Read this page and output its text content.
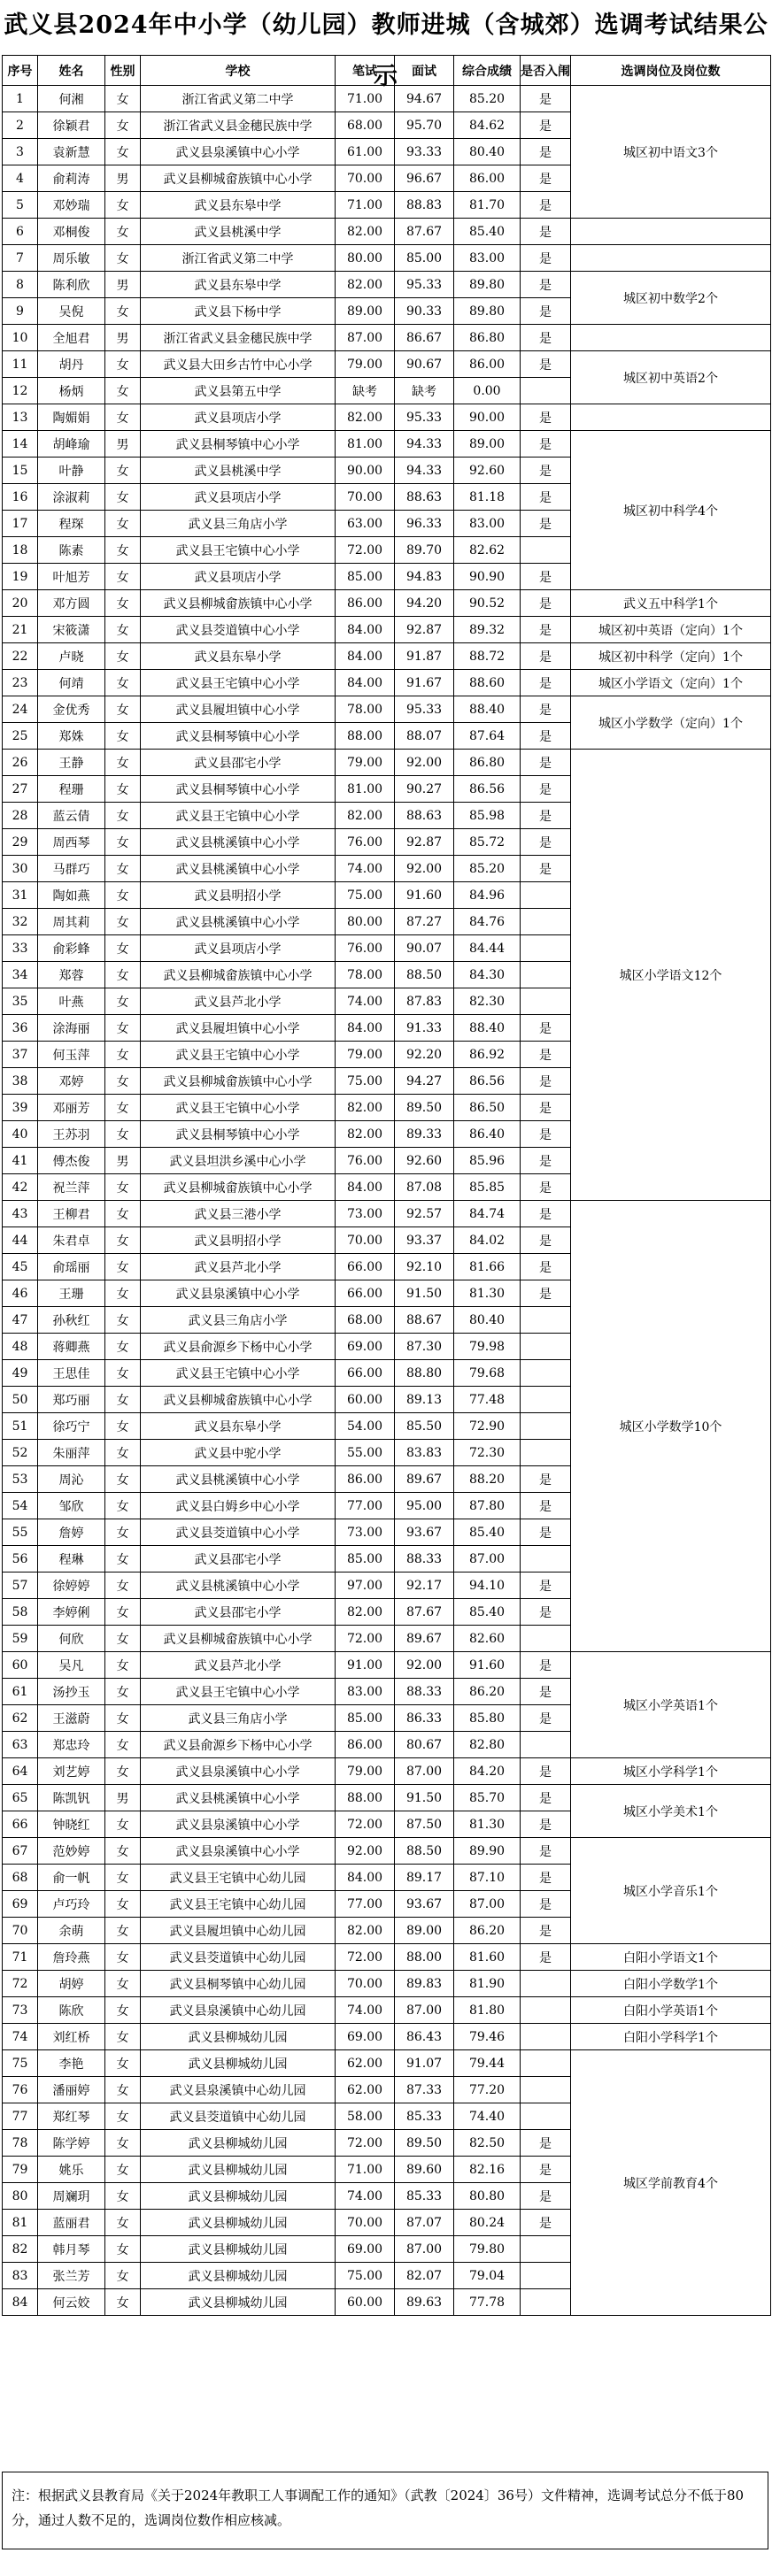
武义县2024年中小学（幼儿园）教师进城（含城郊）选调考试结果公示
序号	姓名	性别	学校	笔试	面试	综合成绩	是否入闱	选调岗位及岗位数
1	何湘	女	浙江省武义第二中学	71.00	94.67	85.20	是	城区初中语文3个
2	徐颖君	女	浙江省武义县金穗民族中学	68.00	95.70	84.62	是	
3	袁新慧	女	武义县泉溪镇中心小学	61.00	93.33	80.40	是	
4	俞莉涛	男	武义县柳城畲族镇中心小学	70.00	96.67	86.00	是	
5	邓妙瑞	女	武义县东皋中学	71.00	88.83	81.70	是	
6	邓桐俊	女	武义县桃溪中学	82.00	87.67	85.40	是	
7	周乐敏	女	浙江省武义第二中学	80.00	85.00	83.00	是	
8	陈利欣	男	武义县东皋中学	82.00	95.33	89.80	是	城区初中数学2个
9	吴倪	女	武义县下杨中学	89.00	90.33	89.80	是	
10	全旭君	男	浙江省武义县金穗民族中学	87.00	86.67	86.80	是	
11	胡丹	女	武义县大田乡古竹中心小学	79.00	90.67	86.00	是	城区初中英语2个
12	杨炳	女	武义县第五中学	缺考	缺考	0.00		
13	陶媚娟	女	武义县项店小学	82.00	95.33	90.00	是	
14	胡峰瑜	男	武义县桐琴镇中心小学	81.00	94.33	89.00	是	城区初中科学4个
15	叶静	女	武义县桃溪中学	90.00	94.33	92.60	是	
16	涂淑莉	女	武义县项店小学	70.00	88.63	81.18	是	
17	程琛	女	武义县三角店小学	63.00	96.33	83.00	是	
18	陈素	女	武义县王宅镇中心小学	72.00	89.70	82.62		
19	叶旭芳	女	武义县项店小学	85.00	94.83	90.90	是	
20	邓方圆	女	武义县柳城畲族镇中心小学	86.00	94.20	90.52	是	武义五中科学1个
21	宋筱潇	女	武义县茭道镇中心小学	84.00	92.87	89.32	是	城区初中英语（定向）1个
22	卢晓	女	武义县东皋小学	84.00	91.87	88.72	是	城区初中科学（定向）1个
23	何靖	女	武义县王宅镇中心小学	84.00	91.67	88.60	是	城区小学语文（定向）1个
24	金优秀	女	武义县履坦镇中心小学	78.00	95.33	88.40	是	城区小学数学（定向）1个
25	郑姝	女	武义县桐琴镇中心小学	88.00	88.07	87.64	是	
26	王静	女	武义县邵宅小学	79.00	92.00	86.80	是	城区小学语文12个
27	程珊	女	武义县桐琴镇中心小学	81.00	90.27	86.56	是	
28	蓝云倩	女	武义县王宅镇中心小学	82.00	88.63	85.98	是	
29	周西琴	女	武义县桃溪镇中心小学	76.00	92.87	85.72	是	
30	马群巧	女	武义县桃溪镇中心小学	74.00	92.00	85.20	是	
31	陶如燕	女	武义县明招小学	75.00	91.60	84.96		
32	周其莉	女	武义县桃溪镇中心小学	80.00	87.27	84.76		
33	俞彩蜂	女	武义县项店小学	76.00	90.07	84.44		
34	郑蓉	女	武义县柳城畲族镇中心小学	78.00	88.50	84.30		
35	叶燕	女	武义县芦北小学	74.00	87.83	82.30		
36	涂海丽	女	武义县履坦镇中心小学	84.00	91.33	88.40	是	
37	何玉萍	女	武义县王宅镇中心小学	79.00	92.20	86.92	是	
38	邓婷	女	武义县柳城畲族镇中心小学	75.00	94.27	86.56	是	
39	邓丽芳	女	武义县王宅镇中心小学	82.00	89.50	86.50	是	
40	王苏羽	女	武义县桐琴镇中心小学	82.00	89.33	86.40	是	
41	傅杰俊	男	武义县坦洪乡溪中心小学	76.00	92.60	85.96	是	
42	祝兰萍	女	武义县柳城畲族镇中心小学	84.00	87.08	85.85	是	
43	王柳君	女	武义县三港小学	73.00	92.57	84.74	是	城区小学数学10个
44	朱君卓	女	武义县明招小学	70.00	93.37	84.02	是	
45	俞瑶丽	女	武义县芦北小学	66.00	92.10	81.66	是	
46	王珊	女	武义县泉溪镇中心小学	66.00	91.50	81.30	是	
47	孙秋红	女	武义县三角店小学	68.00	88.67	80.40		
48	蒋卿燕	女	武义县俞源乡下杨中心小学	69.00	87.30	79.98		
49	王思佳	女	武义县王宅镇中心小学	66.00	88.80	79.68		
50	郑巧丽	女	武义县柳城畲族镇中心小学	60.00	89.13	77.48		
51	徐巧宁	女	武义县东皋小学	54.00	85.50	72.90		
52	朱丽萍	女	武义县中驼小学	55.00	83.83	72.30		
53	周沁	女	武义县桃溪镇中心小学	86.00	89.67	88.20	是	
54	邹欣	女	武义县白姆乡中心小学	77.00	95.00	87.80	是	
55	詹婷	女	武义县茭道镇中心小学	73.00	93.67	85.40	是	
56	程琳	女	武义县邵宅小学	85.00	88.33	87.00		
57	徐婷婷	女	武义县桃溪镇中心小学	97.00	92.17	94.10	是	
58	李婷俐	女	武义县邵宅小学	82.00	87.67	85.40	是	
59	何欣	女	武义县柳城畲族镇中心小学	72.00	89.67	82.60		
60	吴凡	女	武义县芦北小学	91.00	92.00	91.60	是	城区小学英语1个
61	汤抄玉	女	武义县王宅镇中心小学	83.00	88.33	86.20	是	
62	王滋蔚	女	武义县三角店小学	85.00	86.33	85.80	是	
63	郑忠玲	女	武义县俞源乡下杨中心小学	86.00	80.67	82.80		
64	刘艺婷	女	武义县泉溪镇中心小学	79.00	87.00	84.20	是	城区小学科学1个
65	陈凯钒	男	武义县桃溪镇中心小学	88.00	91.50	85.70	是	城区小学美术1个
66	钟晓红	女	武义县泉溪镇中心小学	72.00	87.50	81.30	是	
67	范妙婷	女	武义县泉溪镇中心小学	92.00	88.50	89.90	是	城区小学音乐1个
68	俞一帆	女	武义县王宅镇中心幼儿园	84.00	89.17	87.10	是	
69	卢巧玲	女	武义县王宅镇中心幼儿园	77.00	93.67	87.00	是	
70	余萌	女	武义县履坦镇中心幼儿园	82.00	89.00	86.20	是	
71	詹玲燕	女	武义县茭道镇中心幼儿园	72.00	88.00	81.60	是	白阳小学语文1个
72	胡婷	女	武义县桐琴镇中心幼儿园	70.00	89.83	81.90		白阳小学数学1个
73	陈欣	女	武义县泉溪镇中心幼儿园	74.00	87.00	81.80		白阳小学英语1个
74	刘红桥	女	武义县柳城幼儿园	69.00	86.43	79.46		白阳小学科学1个
75	李艳	女	武义县柳城幼儿园	62.00	91.07	79.44		城区学前教育4个
76	潘丽婷	女	武义县泉溪镇中心幼儿园	62.00	87.33	77.20		
77	郑红琴	女	武义县茭道镇中心幼儿园	58.00	85.33	74.40		
78	陈学婷	女	武义县柳城幼儿园	72.00	89.50	82.50	是	
79	姚乐	女	武义县柳城幼儿园	71.00	89.60	82.16	是	
80	周斓玥	女	武义县柳城幼儿园	74.00	85.33	80.80	是	
81	蓝丽君	女	武义县柳城幼儿园	70.00	87.07	80.24	是	
82	韩月琴	女	武义县柳城幼儿园	69.00	87.00	79.80		
83	张兰芳	女	武义县柳城幼儿园	75.00	82.07	79.04		
84	何云姣	女	武义县柳城幼儿园	60.00	89.63	77.78		
注：根据武义县教育局《关于2024年教职工人事调配工作的通知》（武教〔2024〕36号）文件精神，选调考试总分不低于80分，通过人数不足的，选调岗位数作相应核减。
